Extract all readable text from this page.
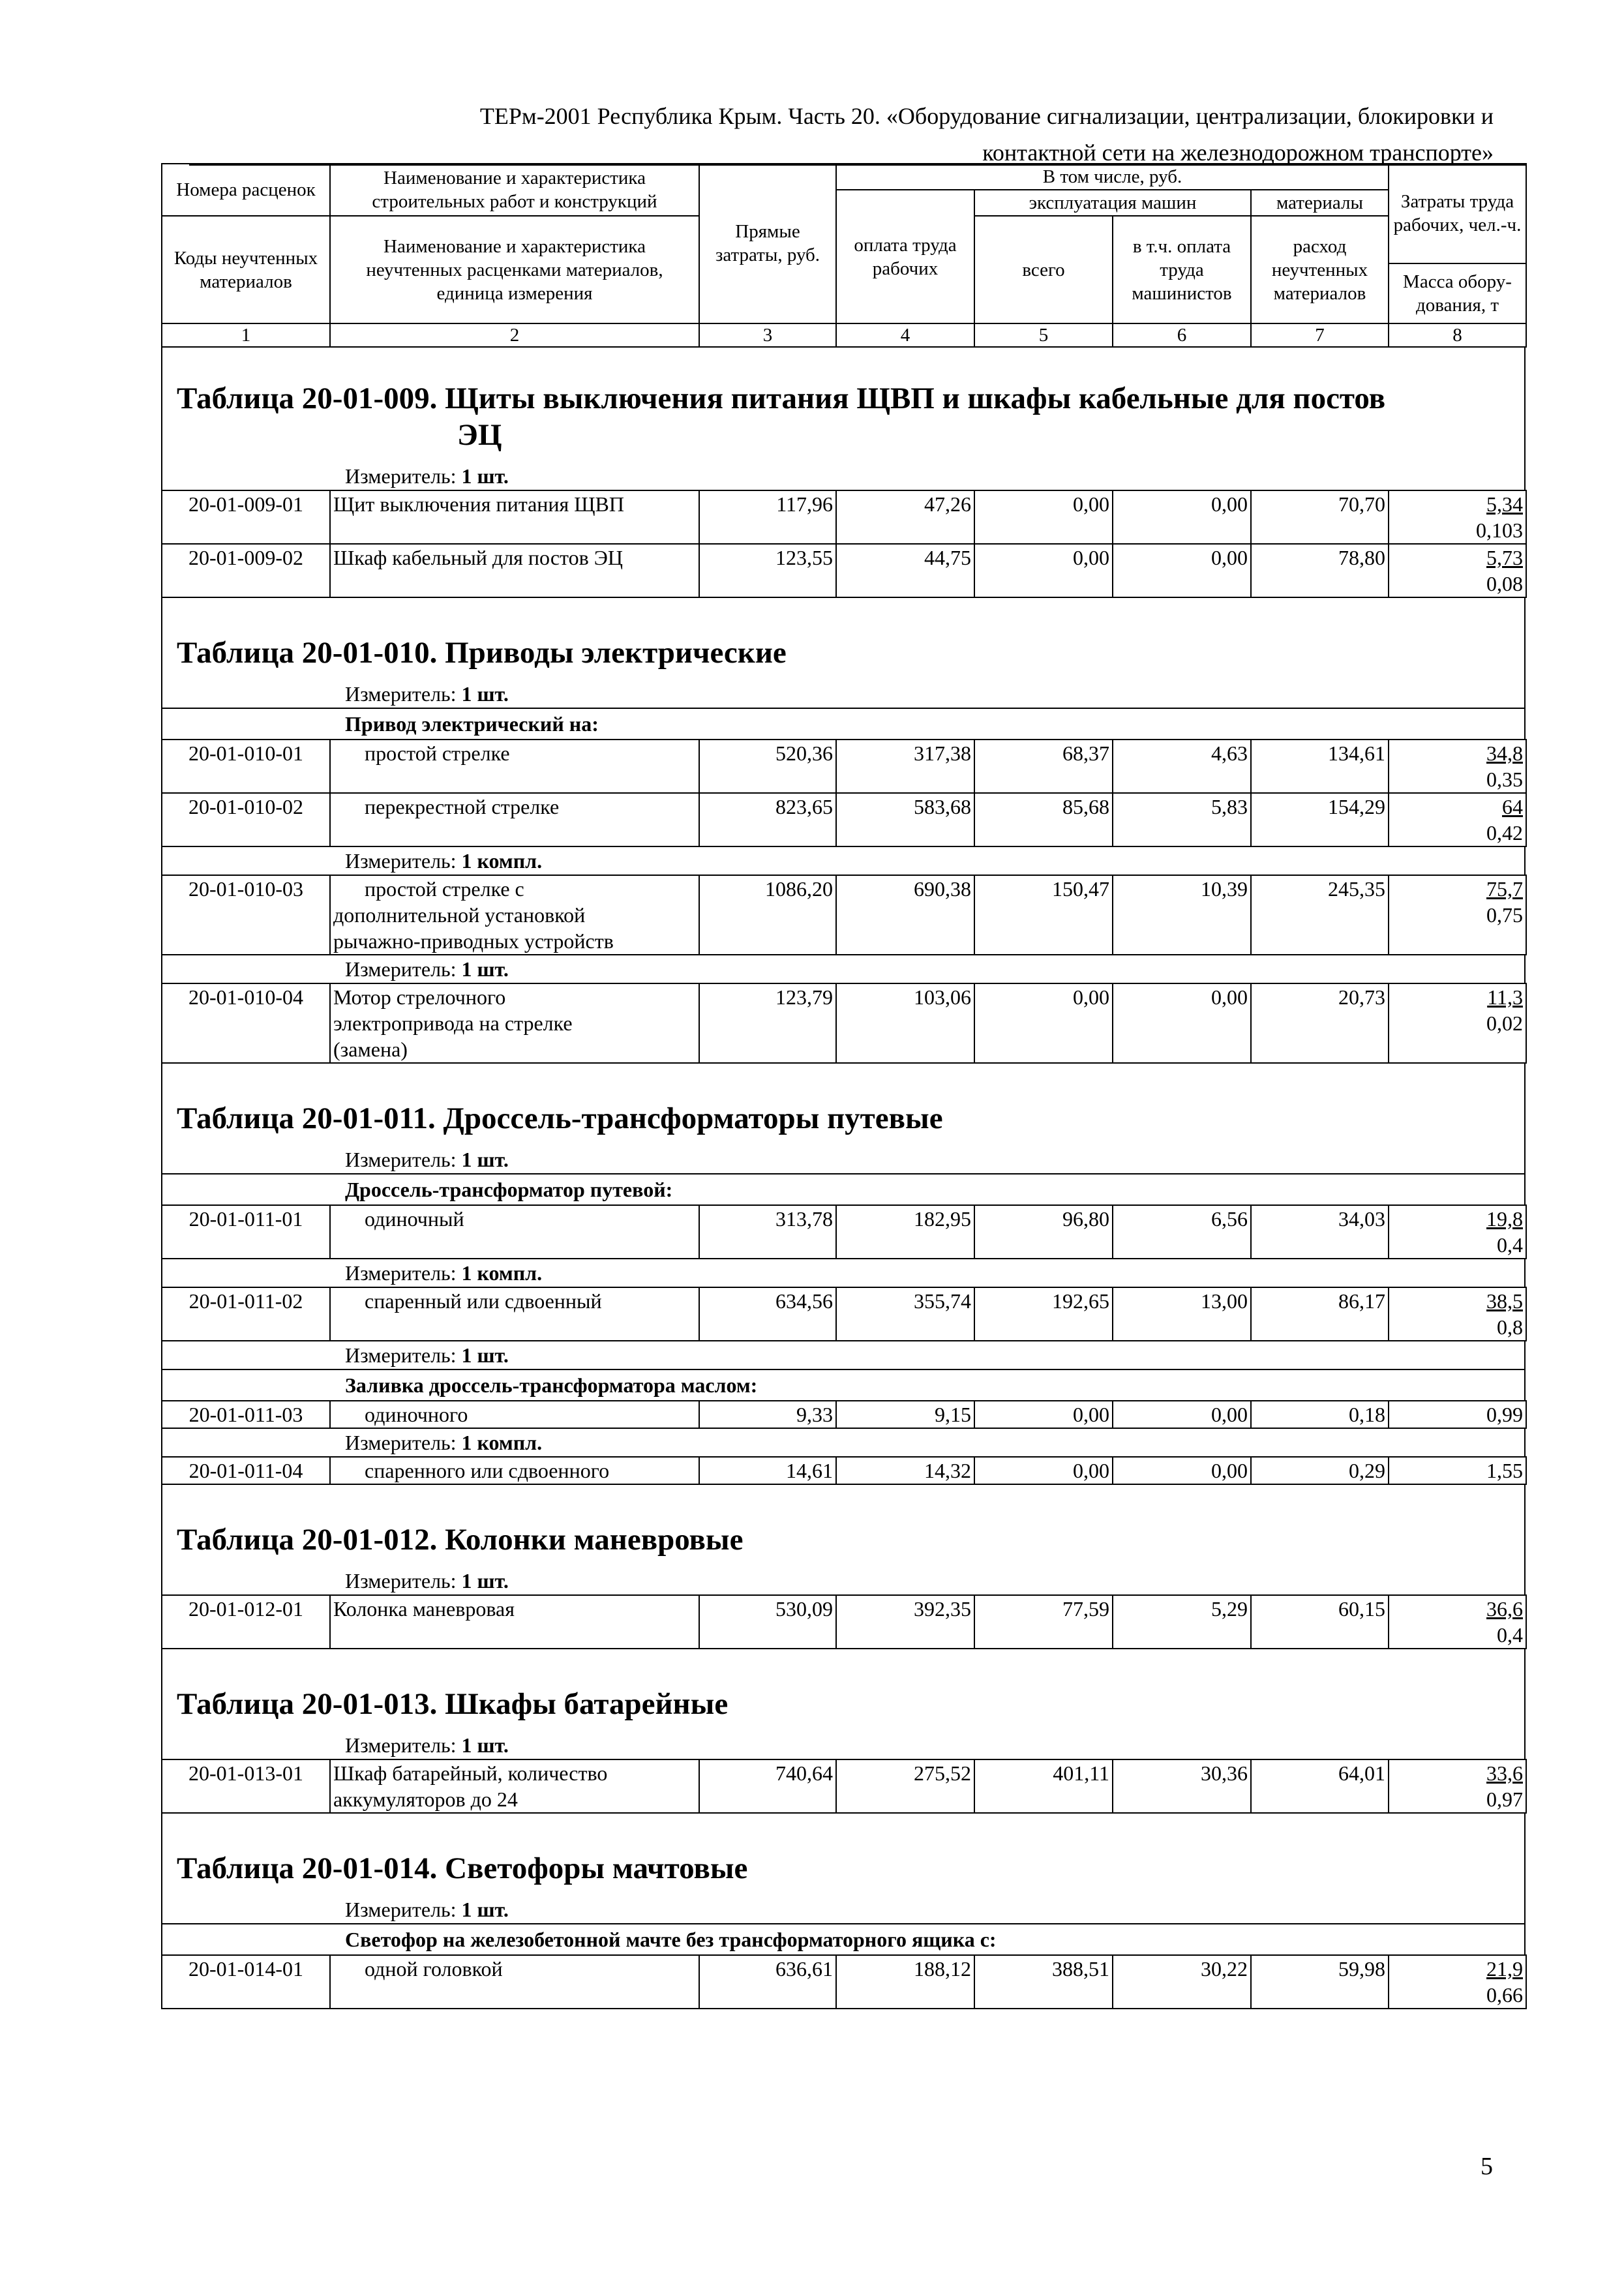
ТЕРм-2001 Республика Крым. Часть 20. «Оборудование сигнализации, централизации, блокировки и
контактной сети на железнодорожном транспорте»
Номера расценок	Наименование и характеристика строительных работ и конструкций	Прямые затраты, руб.	В том числе, руб.				Затраты труда рабочих, чел.-ч.
			оплата труда рабочих	эксплуатация машин		материалы	
Коды неучтенных материалов	Наименование и характеристика неучтенных расценками материалов, единица измерения			всего	в т.ч. оплата труда машинистов	расход неучтенных материалов	
							Масса обору-дования, т
1	2	3	4	5	6	7	8
Таблица 20-01-009. Щиты выключения питания ЩВП и шкафы кабельные для постов
ЭЦ
Измеритель: 1 шт.
20-01-009-01	Щит выключения питания ЩВП	117,96	47,26	0,00	0,00	70,70	5,34
0,103
20-01-009-02	Шкаф кабельный для постов ЭЦ	123,55	44,75	0,00	0,00	78,80	5,73
0,08
Таблица 20-01-010. Приводы электрические
Измеритель: 1 шт.
Привод электрический на:
20-01-010-01	простой стрелке	520,36	317,38	68,37	4,63	134,61	34,8
0,35
20-01-010-02	перекрестной стрелке	823,65	583,68	85,68	5,83	154,29	64
0,42
Измеритель: 1 компл.
20-01-010-03	простой стрелке с
дополнительной установкой
рычажно-приводных устройств	1086,20	690,38	150,47	10,39	245,35	75,7
0,75
Измеритель: 1 шт.
20-01-010-04	Мотор стрелочного
электропривода на стрелке
(замена)	123,79	103,06	0,00	0,00	20,73	11,3
0,02
Таблица 20-01-011. Дроссель-трансформаторы путевые
Измеритель: 1 шт.
Дроссель-трансформатор путевой:
20-01-011-01	одиночный	313,78	182,95	96,80	6,56	34,03	19,8
0,4
Измеритель: 1 компл.
20-01-011-02	спаренный или сдвоенный	634,56	355,74	192,65	13,00	86,17	38,5
0,8
Измеритель: 1 шт.
Заливка дроссель-трансформатора маслом:
20-01-011-03	одиночного	9,33	9,15	0,00	0,00	0,18	0,99
Измеритель: 1 компл.
20-01-011-04	спаренного или сдвоенного	14,61	14,32	0,00	0,00	0,29	1,55
Таблица 20-01-012. Колонки маневровые
Измеритель: 1 шт.
20-01-012-01	Колонка маневровая	530,09	392,35	77,59	5,29	60,15	36,6
0,4
Таблица 20-01-013. Шкафы батарейные
Измеритель: 1 шт.
20-01-013-01	Шкаф батарейный, количество
аккумуляторов до 24	740,64	275,52	401,11	30,36	64,01	33,6
0,97
Таблица 20-01-014. Светофоры мачтовые
Измеритель: 1 шт.
Светофор на железобетонной мачте без трансформаторного ящика с:
20-01-014-01	одной головкой	636,61	188,12	388,51	30,22	59,98	21,9
0,66
5
